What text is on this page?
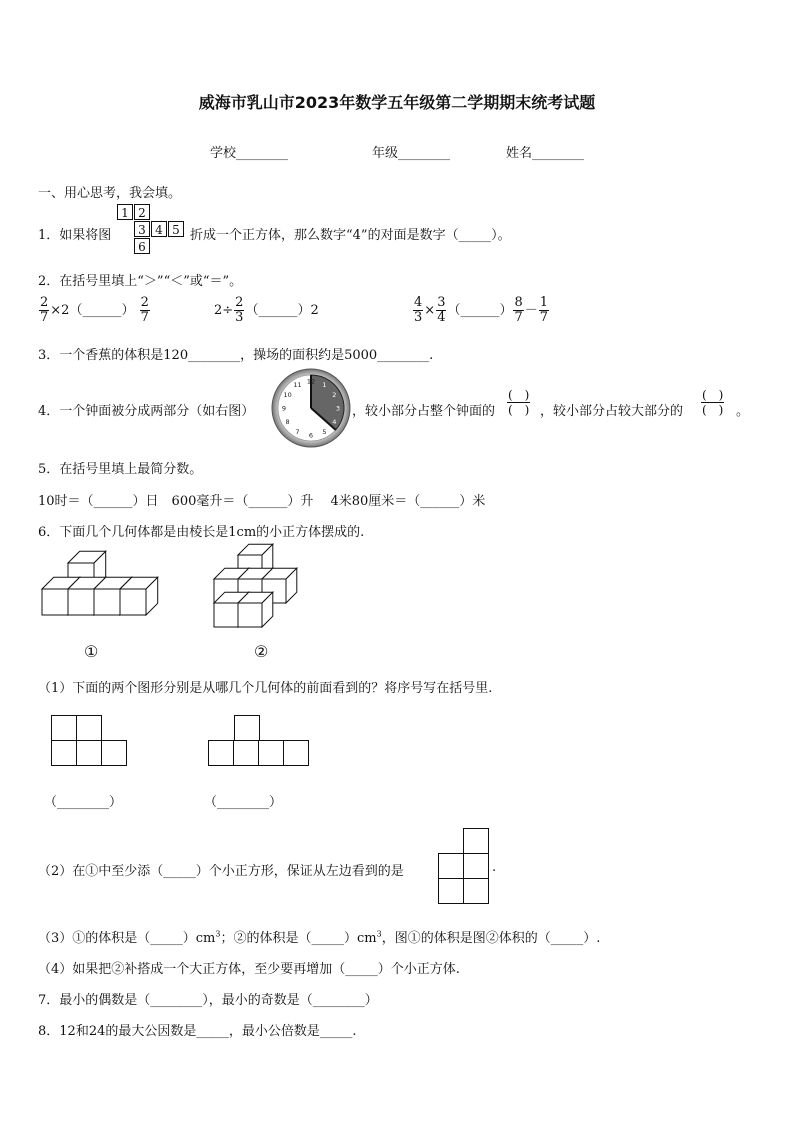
威海市乳山市2023年数学五年级第二学期期末统考试题
学校________	年级________	姓名________
一、用心思考，我会填。
1．如果将图
1 2
3 4 5
6
折成一个正方体，那么数字“4”的对面是数字（_____）。
2．在括号里填上“＞”“＜”或“＝”。
$\frac{2}{7}$ ×2（______） $\frac{2}{7}$	$2\div \frac{2}{3}$ （______）2	$\frac{4}{3} \times \frac{3}{4}$ （______） $\frac{8}{7} - \frac{1}{7}$
3．一个香蕉的体积是120________，操场的面积约是5000________.
4．一个钟面被分成两部分（如右图）
12 1
2
3
4
5
6
7
8
9
10
11
，较小部分占整个钟面的 $\frac{( )}{( )}$ ，较小部分占较大部分的 $\frac{( )}{( )}$ 。
5．在括号里填上最简分数。
10时＝（______）日　600毫升＝（______）升　 4米80厘米＝（______）米
6．下面几个几何体都是由棱长是1cm的小正方体摆成的.
①	②
（1）下面的两个图形分别是从哪几个几何体的前面看到的？将序号写在括号里.
（________）	（________）
（2）在①中至少添（_____）个小正方形，保证从左边看到的是	.
（3）①的体积是$(\_\_\_\_\_)cm^3$；②的体积是$(\_\_\_\_\_)cm^3$，图①的体积是图②体积的（_____）.
（4）如果把②补搭成一个大正方体，至少要再增加（_____）个小正方体.
7．最小的偶数是（________），最小的奇数是（________）
8．12和24的最大公因数是_____，最小公倍数是_____.
